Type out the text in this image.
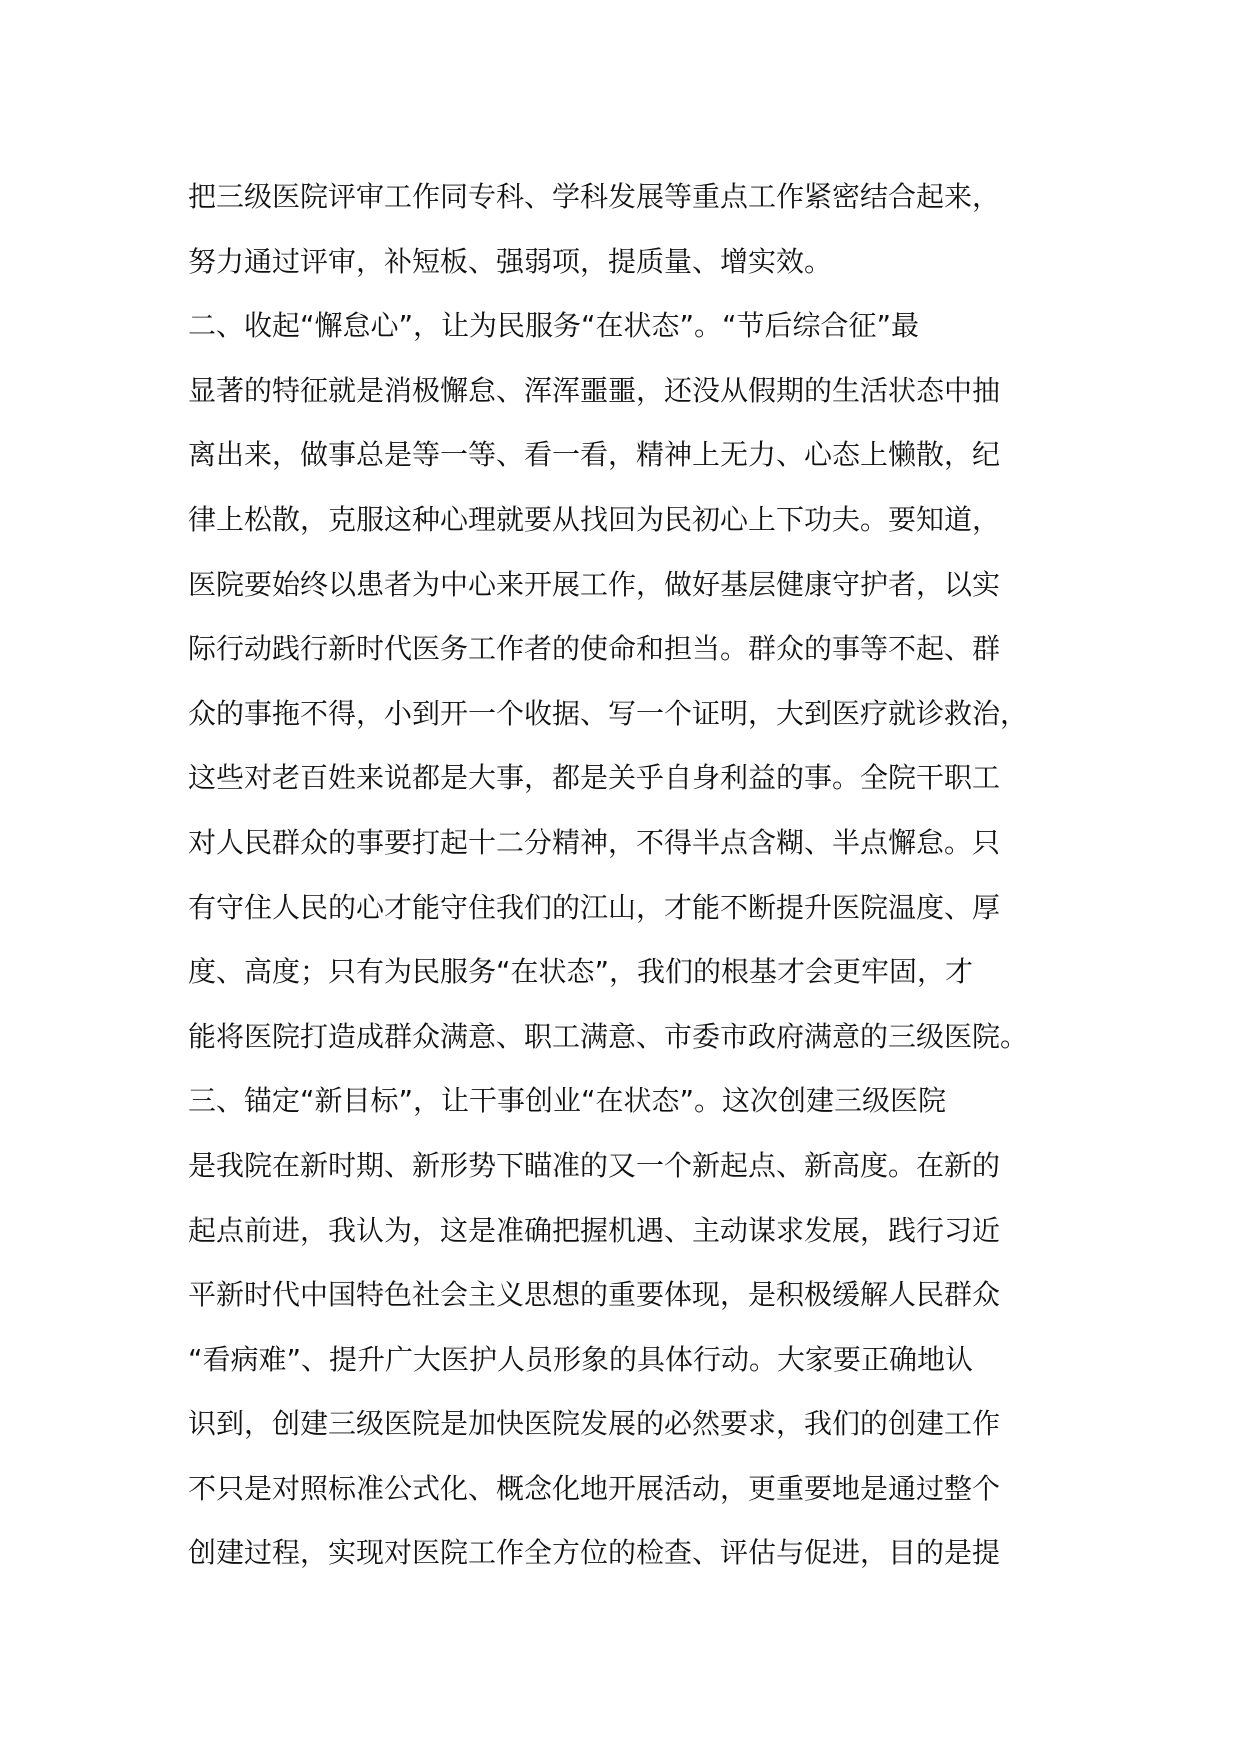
把三级医院评审工作同专科、学科发展等重点工作紧密结合起来，
努力通过评审，补短板、强弱项，提质量、增实效。
二、收起“懈怠心”，让为民服务“在状态”。“节后综合征”最
显著的特征就是消极懈怠、浑浑噩噩，还没从假期的生活状态中抽
离出来，做事总是等一等、看一看，精神上无力、心态上懒散，纪
律上松散，克服这种心理就要从找回为民初心上下功夫。要知道，
医院要始终以患者为中心来开展工作，做好基层健康守护者，以实
际行动践行新时代医务工作者的使命和担当。群众的事等不起、群
众的事拖不得，小到开一个收据、写一个证明，大到医疗就诊救治，
这些对老百姓来说都是大事，都是关乎自身利益的事。全院干职工
对人民群众的事要打起十二分精神，不得半点含糊、半点懈怠。只
有守住人民的心才能守住我们的江山，才能不断提升医院温度、厚
度、高度；只有为民服务“在状态”，我们的根基才会更牢固，才
能将医院打造成群众满意、职工满意、市委市政府满意的三级医院。
三、锚定“新目标”，让干事创业“在状态”。这次创建三级医院
是我院在新时期、新形势下瞄准的又一个新起点、新高度。在新的
起点前进，我认为，这是准确把握机遇、主动谋求发展，践行习近
平新时代中国特色社会主义思想的重要体现，是积极缓解人民群众
“看病难”、提升广大医护人员形象的具体行动。大家要正确地认
识到，创建三级医院是加快医院发展的必然要求，我们的创建工作
不只是对照标准公式化、概念化地开展活动，更重要地是通过整个
创建过程，实现对医院工作全方位的检查、评估与促进，目的是提
